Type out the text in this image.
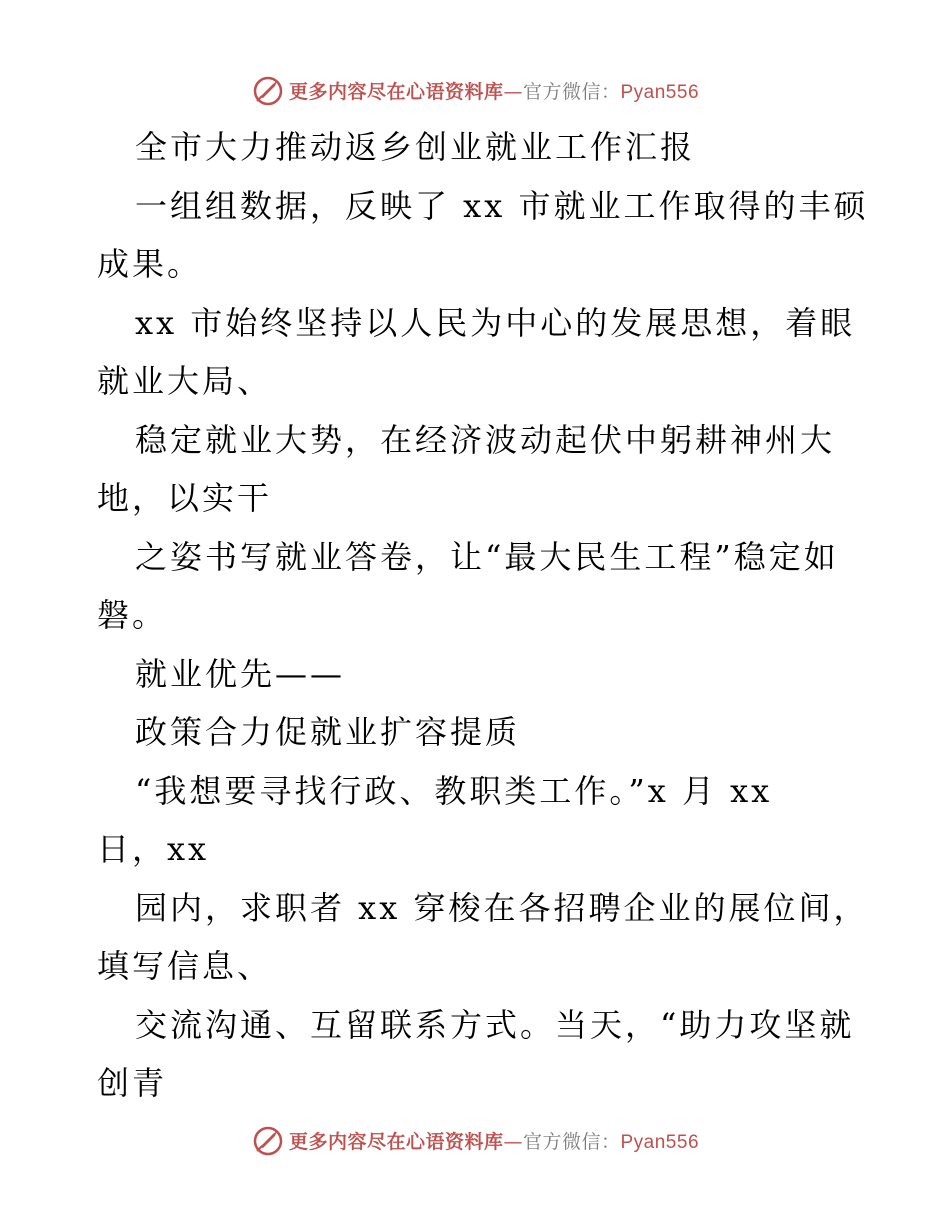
更多内容尽在心语资料库—官方微信：Pyan556
全市大力推动返乡创业就业工作汇报
一组组数据，反映了 xx 市就业工作取得的丰硕
成果。
xx 市始终坚持以人民为中心的发展思想，着眼
就业大局、
稳定就业大势，在经济波动起伏中躬耕神州大
地，以实干
之姿书写就业答卷，让“最大民生工程”稳定如
磐。
就业优先——
政策合力促就业扩容提质
“我想要寻找行政、教职类工作。”x 月 xx
日，xx
园内，求职者 xx 穿梭在各招聘企业的展位间，
填写信息、
交流沟通、互留联系方式。当天，“助力攻坚就
创青
更多内容尽在心语资料库—官方微信：Pyan556
